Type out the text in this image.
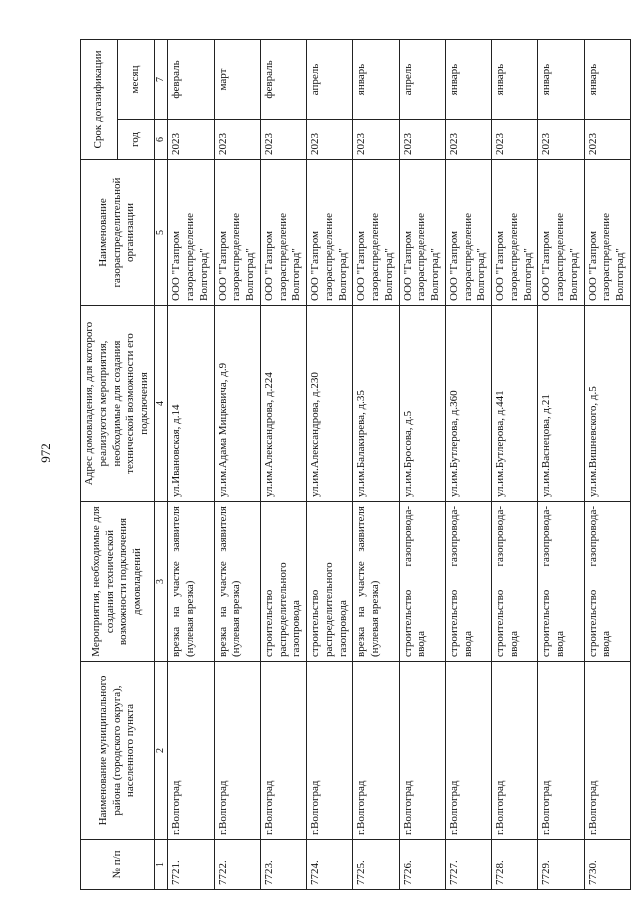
972
№ п/п	Наименование муниципального района (городского округа), населенного пункта	Мероприятия, необходимые для создания технической возможности подключения домовладений	Адрес домовладения, для которого реализуются мероприятия, необходимые для создания технической возможности его подключения	Наименование газораспределительной организации	Срок догазификации	
					год	месяц
1	2	3	4	5	6	7
7721.	г.Волгоград	врезка на участке заявителя (нулевая врезка)	ул.Ивановская, д.14	ООО "Газпром газораспределение Волгоград"	2023	февраль
7722.	г.Волгоград	врезка на участке заявителя (нулевая врезка)	ул.им.Адама Мицкевича, д.9	ООО "Газпром газораспределение Волгоград"	2023	март
7723.	г.Волгоград	строительство распределительного газопровода	ул.им.Александрова, д.224	ООО "Газпром газораспределение Волгоград"	2023	февраль
7724.	г.Волгоград	строительство распределительного газопровода	ул.им.Александрова, д.230	ООО "Газпром газораспределение Волгоград"	2023	апрель
7725.	г.Волгоград	врезка на участке заявителя (нулевая врезка)	ул.им.Балакирева, д.35	ООО "Газпром газораспределение Волгоград"	2023	январь
7726.	г.Волгоград	строительство газопровода-ввода	ул.им.Бросова, д.5	ООО "Газпром газораспределение Волгоград"	2023	апрель
7727.	г.Волгоград	строительство газопровода-ввода	ул.им.Бутлерова, д.360	ООО "Газпром газораспределение Волгоград"	2023	январь
7728.	г.Волгоград	строительство газопровода-ввода	ул.им.Бутлерова, д.441	ООО "Газпром газораспределение Волгоград"	2023	январь
7729.	г.Волгоград	строительство газопровода-ввода	ул.им.Васнецова, д.21	ООО "Газпром газораспределение Волгоград"	2023	январь
7730.	г.Волгоград	строительство газопровода-ввода	ул.им.Вишневского, д.5	ООО "Газпром газораспределение Волгоград"	2023	январь
